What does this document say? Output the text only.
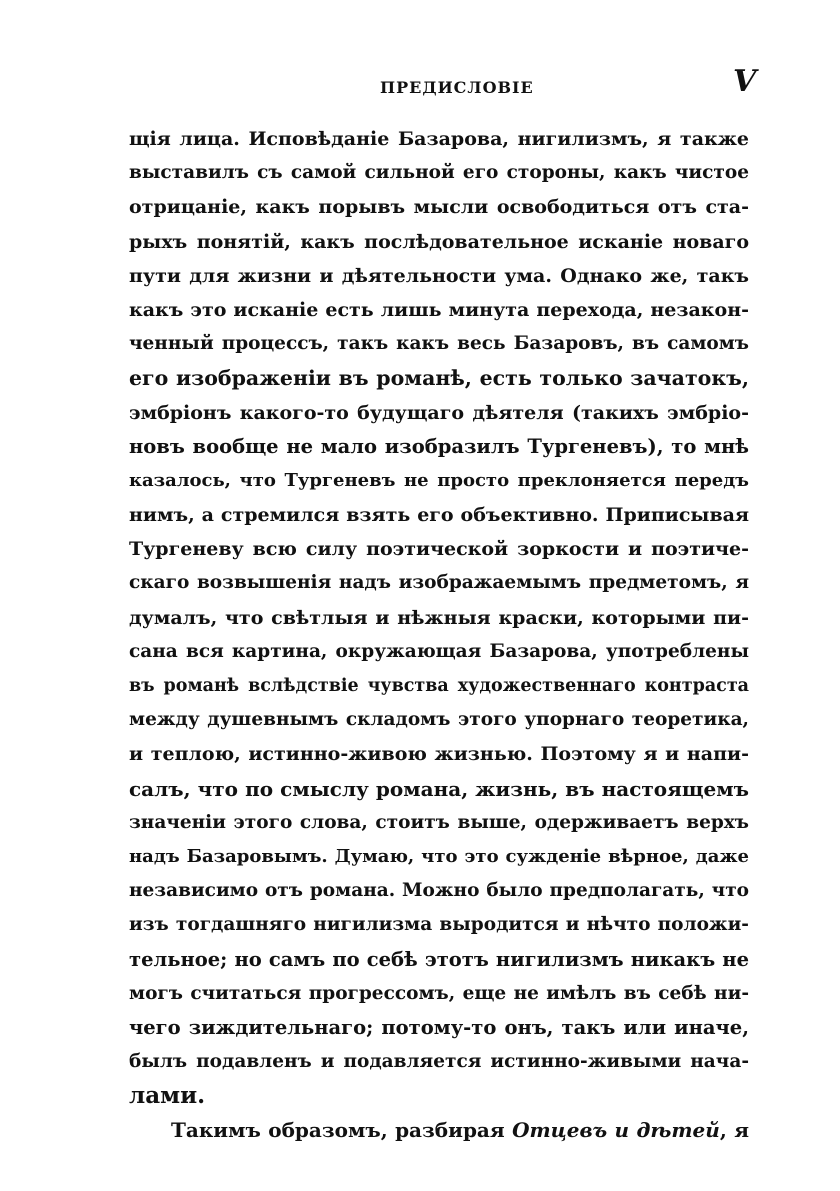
ПРЕДИСЛОВІЕ	V
щія лица. Исповѣданіе Базарова, нигилизмъ, я также
выставилъ съ самой сильной его стороны, какъ чистое
отрицаніе, какъ порывъ мысли освободиться отъ ста-
рыхъ понятій, какъ послѣдовательное исканіе новаго
пути для жизни и дѣятельности ума. Однако же, такъ
какъ это исканіе есть лишь минута перехода, незакон-
ченный процессъ, такъ какъ весь Базаровъ, въ самомъ
его изображеніи въ романѣ, есть только зачатокъ,
эмбріонъ какого-то будущаго дѣятеля (такихъ эмбріо-
новъ вообще не мало изобразилъ Тургеневъ), то мнѣ
казалось, что Тургеневъ не просто преклоняется передъ
нимъ, а стремился взять его объективно. Приписывая
Тургеневу всю силу поэтической зоркости и поэтиче-
скаго возвышенія надъ изображаемымъ предметомъ, я
думалъ, что свѣтлыя и нѣжныя краски, которыми пи-
сана вся картина, окружающая Базарова, употреблены
въ романѣ вслѣдствіе чувства художественнаго контраста
между душевнымъ складомъ этого упорнаго теоретика,
и теплою, истинно-живою жизнью. Поэтому я и напи-
салъ, что по смыслу романа, жизнь, въ настоящемъ
значеніи этого слова, стоитъ выше, одерживаетъ верхъ
надъ Базаровымъ. Думаю, что это сужденіе вѣрное, даже
независимо отъ романа. Можно было предполагать, что
изъ тогдашняго нигилизма выродится и нѣчто положи-
тельное; но самъ по себѣ этотъ нигилизмъ никакъ не
могъ считаться прогрессомъ, еще не имѣлъ въ себѣ ни-
чего зиждительнаго; потому-то онъ, такъ или иначе,
былъ подавленъ и подавляется истинно-живыми нача-
лами.
Такимъ образомъ, разбирая Отцевъ и дѣтей, я
